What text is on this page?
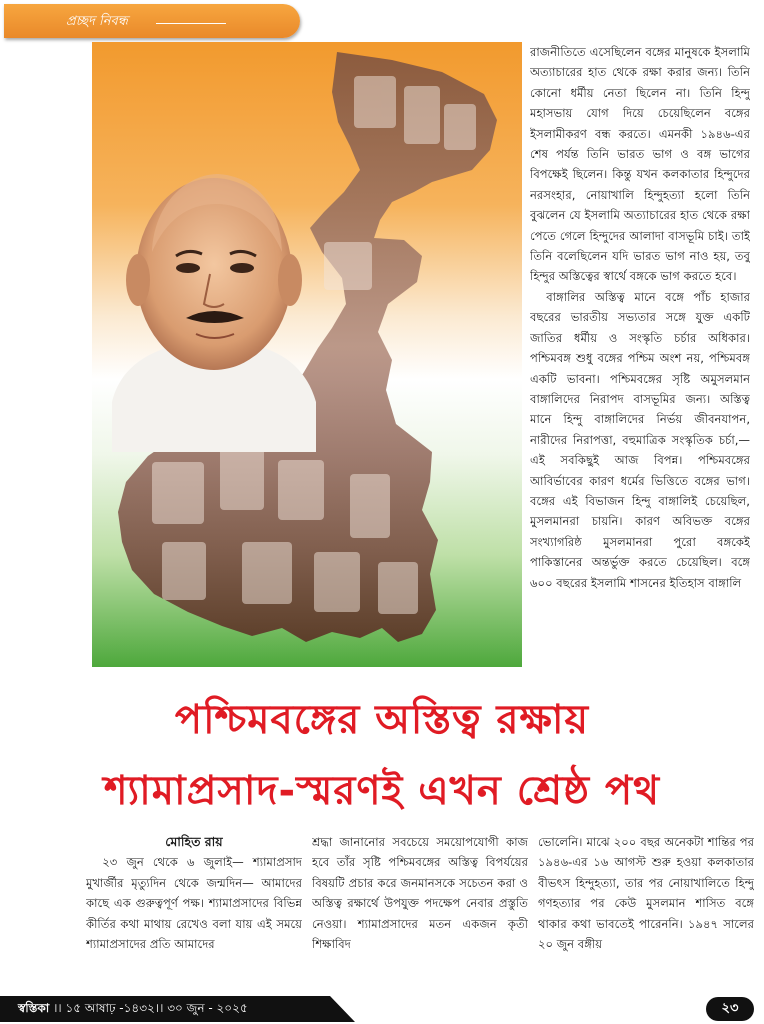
প্রচ্ছদ নিবন্ধ

রাজনীতিতে এসেছিলেন বঙ্গের মানুষকে ইসলামি অত্যাচারের হাত থেকে রক্ষা করার জন্য। তিনি কোনো ধর্মীয় নেতা ছিলেন না। তিনি হিন্দু মহাসভায় যোগ দিয়ে চেয়েছিলেন বঙ্গের ইসলামীকরণ বন্ধ করতে। এমনকী ১৯৪৬-এর শেষ পর্যন্ত তিনি ভারত ভাগ ও বঙ্গ ভাগের বিপক্ষেই ছিলেন। কিন্তু যখন কলকাতার হিন্দুদের নরসংহার, নোয়াখালি হিন্দুহত্যা হলো তিনি বুঝলেন যে ইসলামি অত্যাচারের হাত থেকে রক্ষা পেতে গেলে হিন্দুদের আলাদা বাসভূমি চাই। তাই তিনি বলেছিলেন যদি ভারত ভাগ নাও হয়, তবু হিন্দুর অস্তিত্বের স্বার্থে বঙ্গকে ভাগ করতে হবে।

বাঙ্গালির অস্তিত্ব মানে বঙ্গে পাঁচ হাজার বছরের ভারতীয় সভ্যতার সঙ্গে যুক্ত একটি জাতির ধর্মীয় ও সংস্কৃতি চর্চার অধিকার। পশ্চিমবঙ্গ শুধু বঙ্গের পশ্চিম অংশ নয়, পশ্চিমবঙ্গ একটি ভাবনা। পশ্চিমবঙ্গের সৃষ্টি অমুসলমান বাঙ্গালিদের নিরাপদ বাসভূমির জন্য। অস্তিত্ব মানে হিন্দু বাঙ্গালিদের নির্ভয় জীবনযাপন, নারীদের নিরাপত্তা, বহুমাত্রিক সংস্কৃতিক চর্চা,— এই সবকিছুই আজ বিপন্ন। পশ্চিমবঙ্গের আবির্ভাবের কারণ ধর্মের ভিত্তিতে বঙ্গের ভাগ। বঙ্গের এই বিভাজন হিন্দু বাঙ্গালিই চেয়েছিল, মুসলমানরা চায়নি। কারণ অবিভক্ত বঙ্গের সংখ্যাগরিষ্ঠ মুসলমানরা পুরো বঙ্গকেই পাকিস্তানের অন্তর্ভুক্ত করতে চেয়েছিল। বঙ্গে ৬০০ বছরের ইসলামি শাসনের ইতিহাস বাঙ্গালি

পশ্চিমবঙ্গের অস্তিত্ব রক্ষায়
শ্যামাপ্রসাদ-স্মরণই এখন শ্রেষ্ঠ পথ
মোহিত রায়

২৩ জুন থেকে ৬ জুলাই— শ্যামাপ্রসাদ মুখার্জীর মৃত্যুদিন থেকে জন্মদিন— আমাদের কাছে এক গুরুত্বপূর্ণ পক্ষ। শ্যামাপ্রসাদের বিভিন্ন কীর্তির কথা মাথায় রেখেও বলা যায় এই সময়ে শ্যামাপ্রসাদের প্রতি আমাদের

শ্রদ্ধা জানানোর সবচেয়ে সময়োপযোগী কাজ হবে তাঁর সৃষ্টি পশ্চিমবঙ্গের অস্তিত্ব বিপর্যয়ের বিষয়টি প্রচার করে জনমানসকে সচেতন করা ও অস্তিত্ব রক্ষার্থে উপযুক্ত পদক্ষেপ নেবার প্রস্তুতি নেওয়া। শ্যামাপ্রসাদের মতন একজন কৃতী শিক্ষাবিদ

ভোলেনি। মাঝে ২০০ বছর অনেকটা শান্তির পর ১৯৪৬-এর ১৬ আগস্ট শুরু হওয়া কলকাতার বীভৎস হিন্দুহত্যা, তার পর নোয়াখালিতে হিন্দু গণহত্যার পর কেউ মুসলমান শাসিত বঙ্গে থাকার কথা ভাবতেই পারেননি। ১৯৪৭ সালের ২০ জুন বঙ্গীয়

স্বস্তিকা ।। ১৫ আষাঢ় -১৪৩২।। ৩০ জুন - ২০২৫	২৩
